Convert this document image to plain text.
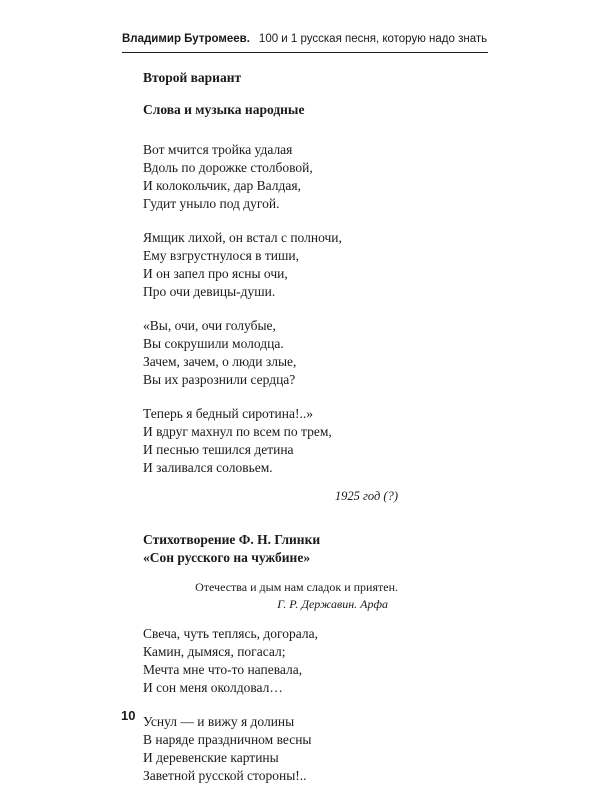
Владимир Бутромеев. 100 и 1 русская песня, которую надо знать

Второй вариант

Слова и музыка народные

Вот мчится тройка удалая
Вдоль по дорожке столбовой,
И колокольчик, дар Валдая,
Гудит уныло под дугой.
Ямщик лихой, он встал с полночи,
Ему взгрустнулося в тиши,
И он запел про ясны очи,
Про очи девицы-души.
«Вы, очи, очи голубые,
Вы сокрушили молодца.
Зачем, зачем, о люди злые,
Вы их разрознили сердца?
Теперь я бедный сиротина!..»
И вдруг махнул по всем по трем,
И песнью тешился детина
И заливался соловьем.
1925 год (?)

Стихотворение Ф. Н. Глинки

«Сон русского на чужбине»

Отечества и дым нам сладок и приятен.
Г. Р. Державин. Арфа
Свеча, чуть теплясь, догорала,
Камин, дымяся, погасал;
Мечта мне что-то напевала,
И сон меня околдовал…
Уснул — и вижу я долины
В наряде праздничном весны
И деревенские картины
Заветной русской стороны!..
10
